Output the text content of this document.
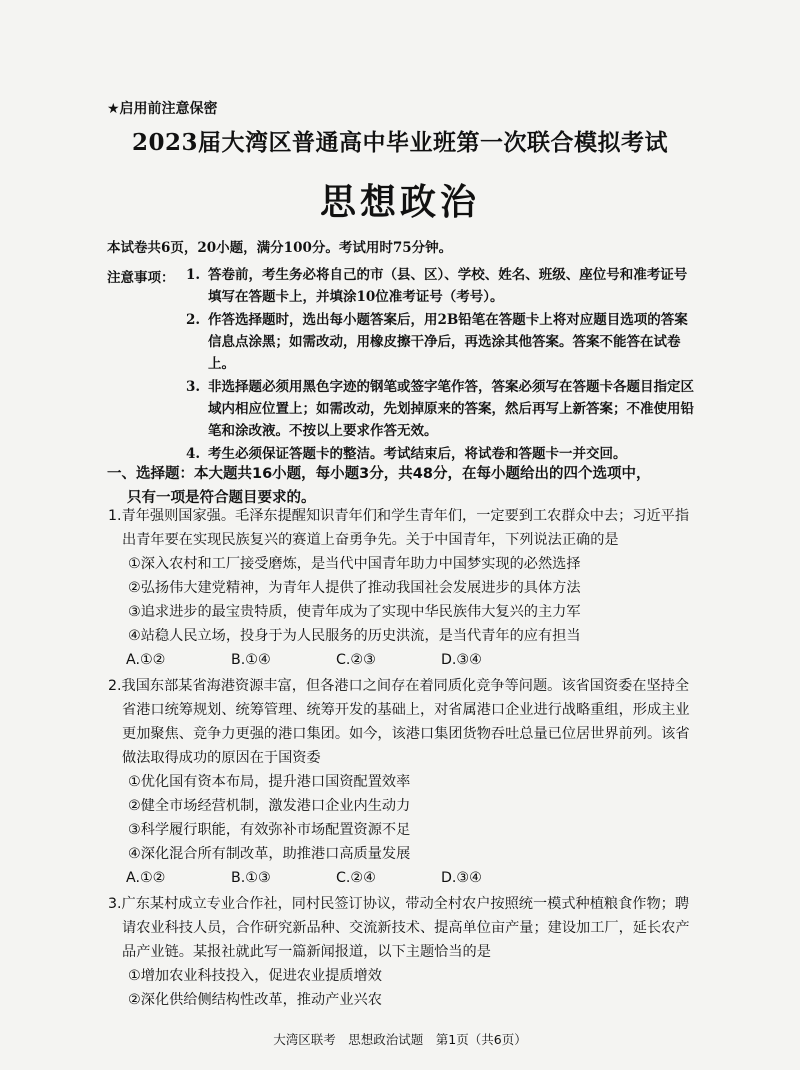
★启用前注意保密
2023届大湾区普通高中毕业班第一次联合模拟考试
思想政治
本试卷共6页，20小题，满分100分。考试用时75分钟。
注意事项： 1. 答卷前，考生务必将自己的市（县、区）、学校、姓名、班级、座位号和准考证号填写在答题卡上，并填涂10位准考证号（考号）。
2. 作答选择题时，选出每小题答案后，用2B铅笔在答题卡上将对应题目选项的答案信息点涂黑；如需改动，用橡皮擦干净后，再选涂其他答案。答案不能答在试卷上。
3. 非选择题必须用黑色字迹的钢笔或签字笔作答，答案必须写在答题卡各题目指定区域内相应位置上；如需改动，先划掉原来的答案，然后再写上新答案；不准使用铅笔和涂改液。不按以上要求作答无效。
4. 考生必须保证答题卡的整洁。考试结束后，将试卷和答题卡一并交回。
一、选择题：本大题共16小题，每小题3分，共48分，在每小题给出的四个选项中，
只有一项是符合题目要求的。
1.青年强则国家强。毛泽东提醒知识青年们和学生青年们，一定要到工农群众中去；习近平指出青年要在实现民族复兴的赛道上奋勇争先。关于中国青年，下列说法正确的是
①深入农村和工厂接受磨炼，是当代中国青年助力中国梦实现的必然选择
②弘扬伟大建党精神，为青年人提供了推动我国社会发展进步的具体方法
③追求进步的最宝贵特质，使青年成为了实现中华民族伟大复兴的主力军
④站稳人民立场，投身于为人民服务的历史洪流，是当代青年的应有担当
A.①②	B.①④	C.②③	D.③④
2.我国东部某省海港资源丰富，但各港口之间存在着同质化竞争等问题。该省国资委在坚持全省港口统筹规划、统筹管理、统筹开发的基础上，对省属港口企业进行战略重组，形成主业更加聚焦、竞争力更强的港口集团。如今，该港口集团货物吞吐总量已位居世界前列。该省做法取得成功的原因在于国资委
①优化国有资本布局，提升港口国资配置效率
②健全市场经营机制，激发港口企业内生动力
③科学履行职能，有效弥补市场配置资源不足
④深化混合所有制改革，助推港口高质量发展
A.①②	B.①③	C.②④	D.③④
3.广东某村成立专业合作社，同村民签订协议，带动全村农户按照统一模式种植粮食作物；聘请农业科技人员，合作研究新品种、交流新技术、提高单位亩产量；建设加工厂，延长农产品产业链。某报社就此写一篇新闻报道，以下主题恰当的是
①增加农业科技投入，促进农业提质增效
②深化供给侧结构性改革，推动产业兴农
大湾区联考　思想政治试题　第1页（共6页）
